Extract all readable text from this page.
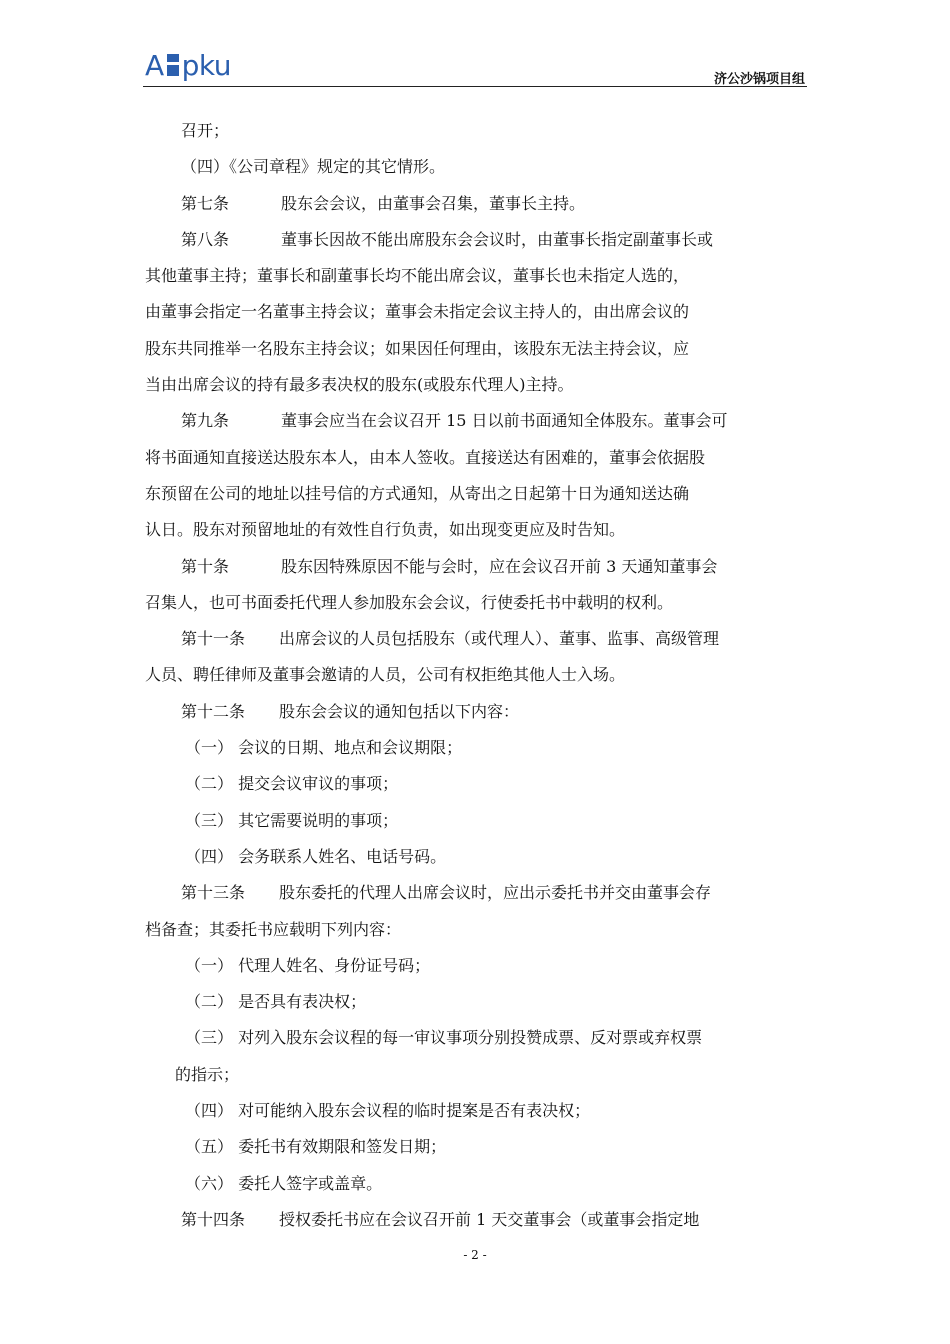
A pku	济公沙锅项目组

召开；

（四）《公司章程》规定的其它情形。

第七条	股东会会议，由董事会召集，董事长主持。

第八条	董事长因故不能出席股东会会议时，由董事长指定副董事长或

其他董事主持；董事长和副董事长均不能出席会议，董事长也未指定人选的，

由董事会指定一名董事主持会议；董事会未指定会议主持人的，由出席会议的

股东共同推举一名股东主持会议；如果因任何理由，该股东无法主持会议，应

当由出席会议的持有最多表决权的股东(或股东代理人)主持。

第九条	董事会应当在会议召开 15 日以前书面通知全体股东。董事会可

将书面通知直接送达股东本人，由本人签收。直接送达有困难的，董事会依据股

东预留在公司的地址以挂号信的方式通知，从寄出之日起第十日为通知送达确

认日。股东对预留地址的有效性自行负责，如出现变更应及时告知。

第十条	股东因特殊原因不能与会时，应在会议召开前 3 天通知董事会

召集人，也可书面委托代理人参加股东会会议，行使委托书中载明的权利。

第十一条 出席会议的人员包括股东（或代理人）、董事、监事、高级管理

人员、聘任律师及董事会邀请的人员，公司有权拒绝其他人士入场。

第十二条 股东会会议的通知包括以下内容：

（一） 会议的日期、地点和会议期限；

（二） 提交会议审议的事项；

（三） 其它需要说明的事项；

（四） 会务联系人姓名、电话号码。

第十三条 股东委托的代理人出席会议时，应出示委托书并交由董事会存

档备查；其委托书应载明下列内容：

（一） 代理人姓名、身份证号码；

（二） 是否具有表决权；

（三） 对列入股东会议程的每一审议事项分别投赞成票、反对票或弃权票

的指示；

（四） 对可能纳入股东会议程的临时提案是否有表决权；

（五） 委托书有效期限和签发日期；

（六） 委托人签字或盖章。

第十四条 授权委托书应在会议召开前 1 天交董事会（或董事会指定地

- 2 -
